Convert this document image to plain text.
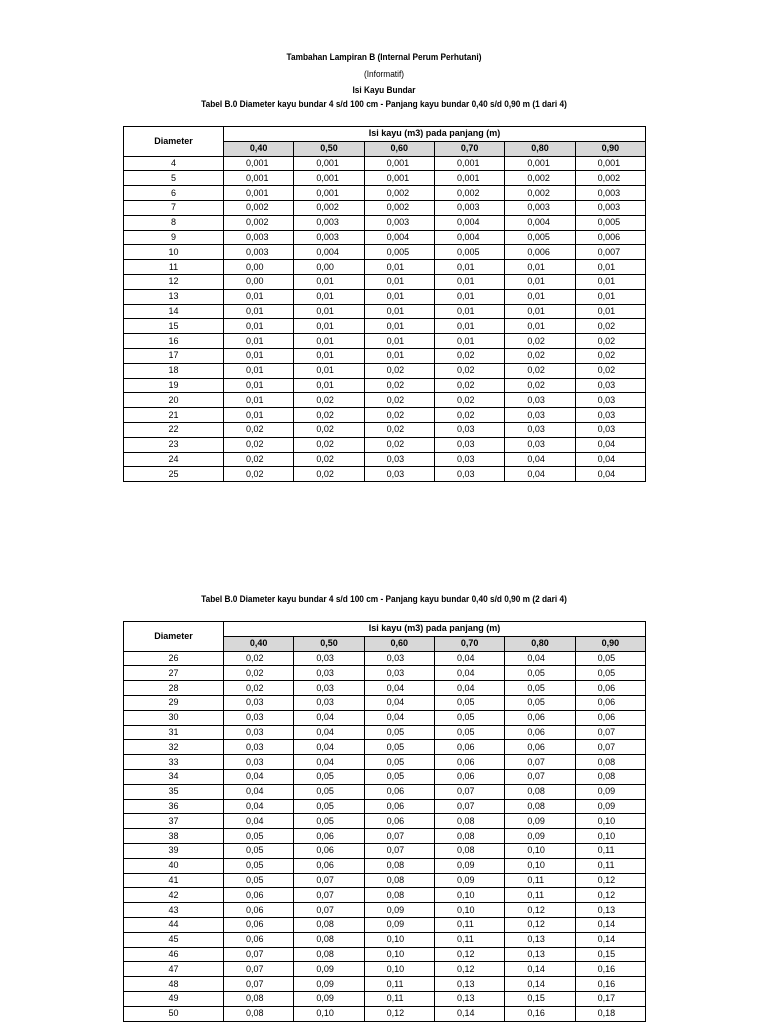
Tambahan Lampiran B (Internal Perum Perhutani)
(Informatif)
Isi Kayu Bundar
Tabel B.0 Diameter kayu bundar 4 s/d 100 cm - Panjang kayu bundar 0,40 s/d 0,90 m (1 dari 4)
Diameter	Isi kayu (m3) pada panjang (m)					
	0,40	0,50	0,60	0,70	0,80	0,90
4	0,001	0,001	0,001	0,001	0,001	0,001
5	0,001	0,001	0,001	0,001	0,002	0,002
6	0,001	0,001	0,002	0,002	0,002	0,003
7	0,002	0,002	0,002	0,003	0,003	0,003
8	0,002	0,003	0,003	0,004	0,004	0,005
9	0,003	0,003	0,004	0,004	0,005	0,006
10	0,003	0,004	0,005	0,005	0,006	0,007
11	0,00	0,00	0,01	0,01	0,01	0,01
12	0,00	0,01	0,01	0,01	0,01	0,01
13	0,01	0,01	0,01	0,01	0,01	0,01
14	0,01	0,01	0,01	0,01	0,01	0,01
15	0,01	0,01	0,01	0,01	0,01	0,02
16	0,01	0,01	0,01	0,01	0,02	0,02
17	0,01	0,01	0,01	0,02	0,02	0,02
18	0,01	0,01	0,02	0,02	0,02	0,02
19	0,01	0,01	0,02	0,02	0,02	0,03
20	0,01	0,02	0,02	0,02	0,03	0,03
21	0,01	0,02	0,02	0,02	0,03	0,03
22	0,02	0,02	0,02	0,03	0,03	0,03
23	0,02	0,02	0,02	0,03	0,03	0,04
24	0,02	0,02	0,03	0,03	0,04	0,04
25	0,02	0,02	0,03	0,03	0,04	0,04
Tabel B.0 Diameter kayu bundar 4 s/d 100 cm - Panjang kayu bundar 0,40 s/d 0,90 m (2 dari 4)
Diameter	Isi kayu (m3) pada panjang (m)					
	0,40	0,50	0,60	0,70	0,80	0,90
26	0,02	0,03	0,03	0,04	0,04	0,05
27	0,02	0,03	0,03	0,04	0,05	0,05
28	0,02	0,03	0,04	0,04	0,05	0,06
29	0,03	0,03	0,04	0,05	0,05	0,06
30	0,03	0,04	0,04	0,05	0,06	0,06
31	0,03	0,04	0,05	0,05	0,06	0,07
32	0,03	0,04	0,05	0,06	0,06	0,07
33	0,03	0,04	0,05	0,06	0,07	0,08
34	0,04	0,05	0,05	0,06	0,07	0,08
35	0,04	0,05	0,06	0,07	0,08	0,09
36	0,04	0,05	0,06	0,07	0,08	0,09
37	0,04	0,05	0,06	0,08	0,09	0,10
38	0,05	0,06	0,07	0,08	0,09	0,10
39	0,05	0,06	0,07	0,08	0,10	0,11
40	0,05	0,06	0,08	0,09	0,10	0,11
41	0,05	0,07	0,08	0,09	0,11	0,12
42	0,06	0,07	0,08	0,10	0,11	0,12
43	0,06	0,07	0,09	0,10	0,12	0,13
44	0,06	0,08	0,09	0,11	0,12	0,14
45	0,06	0,08	0,10	0,11	0,13	0,14
46	0,07	0,08	0,10	0,12	0,13	0,15
47	0,07	0,09	0,10	0,12	0,14	0,16
48	0,07	0,09	0,11	0,13	0,14	0,16
49	0,08	0,09	0,11	0,13	0,15	0,17
50	0,08	0,10	0,12	0,14	0,16	0,18
